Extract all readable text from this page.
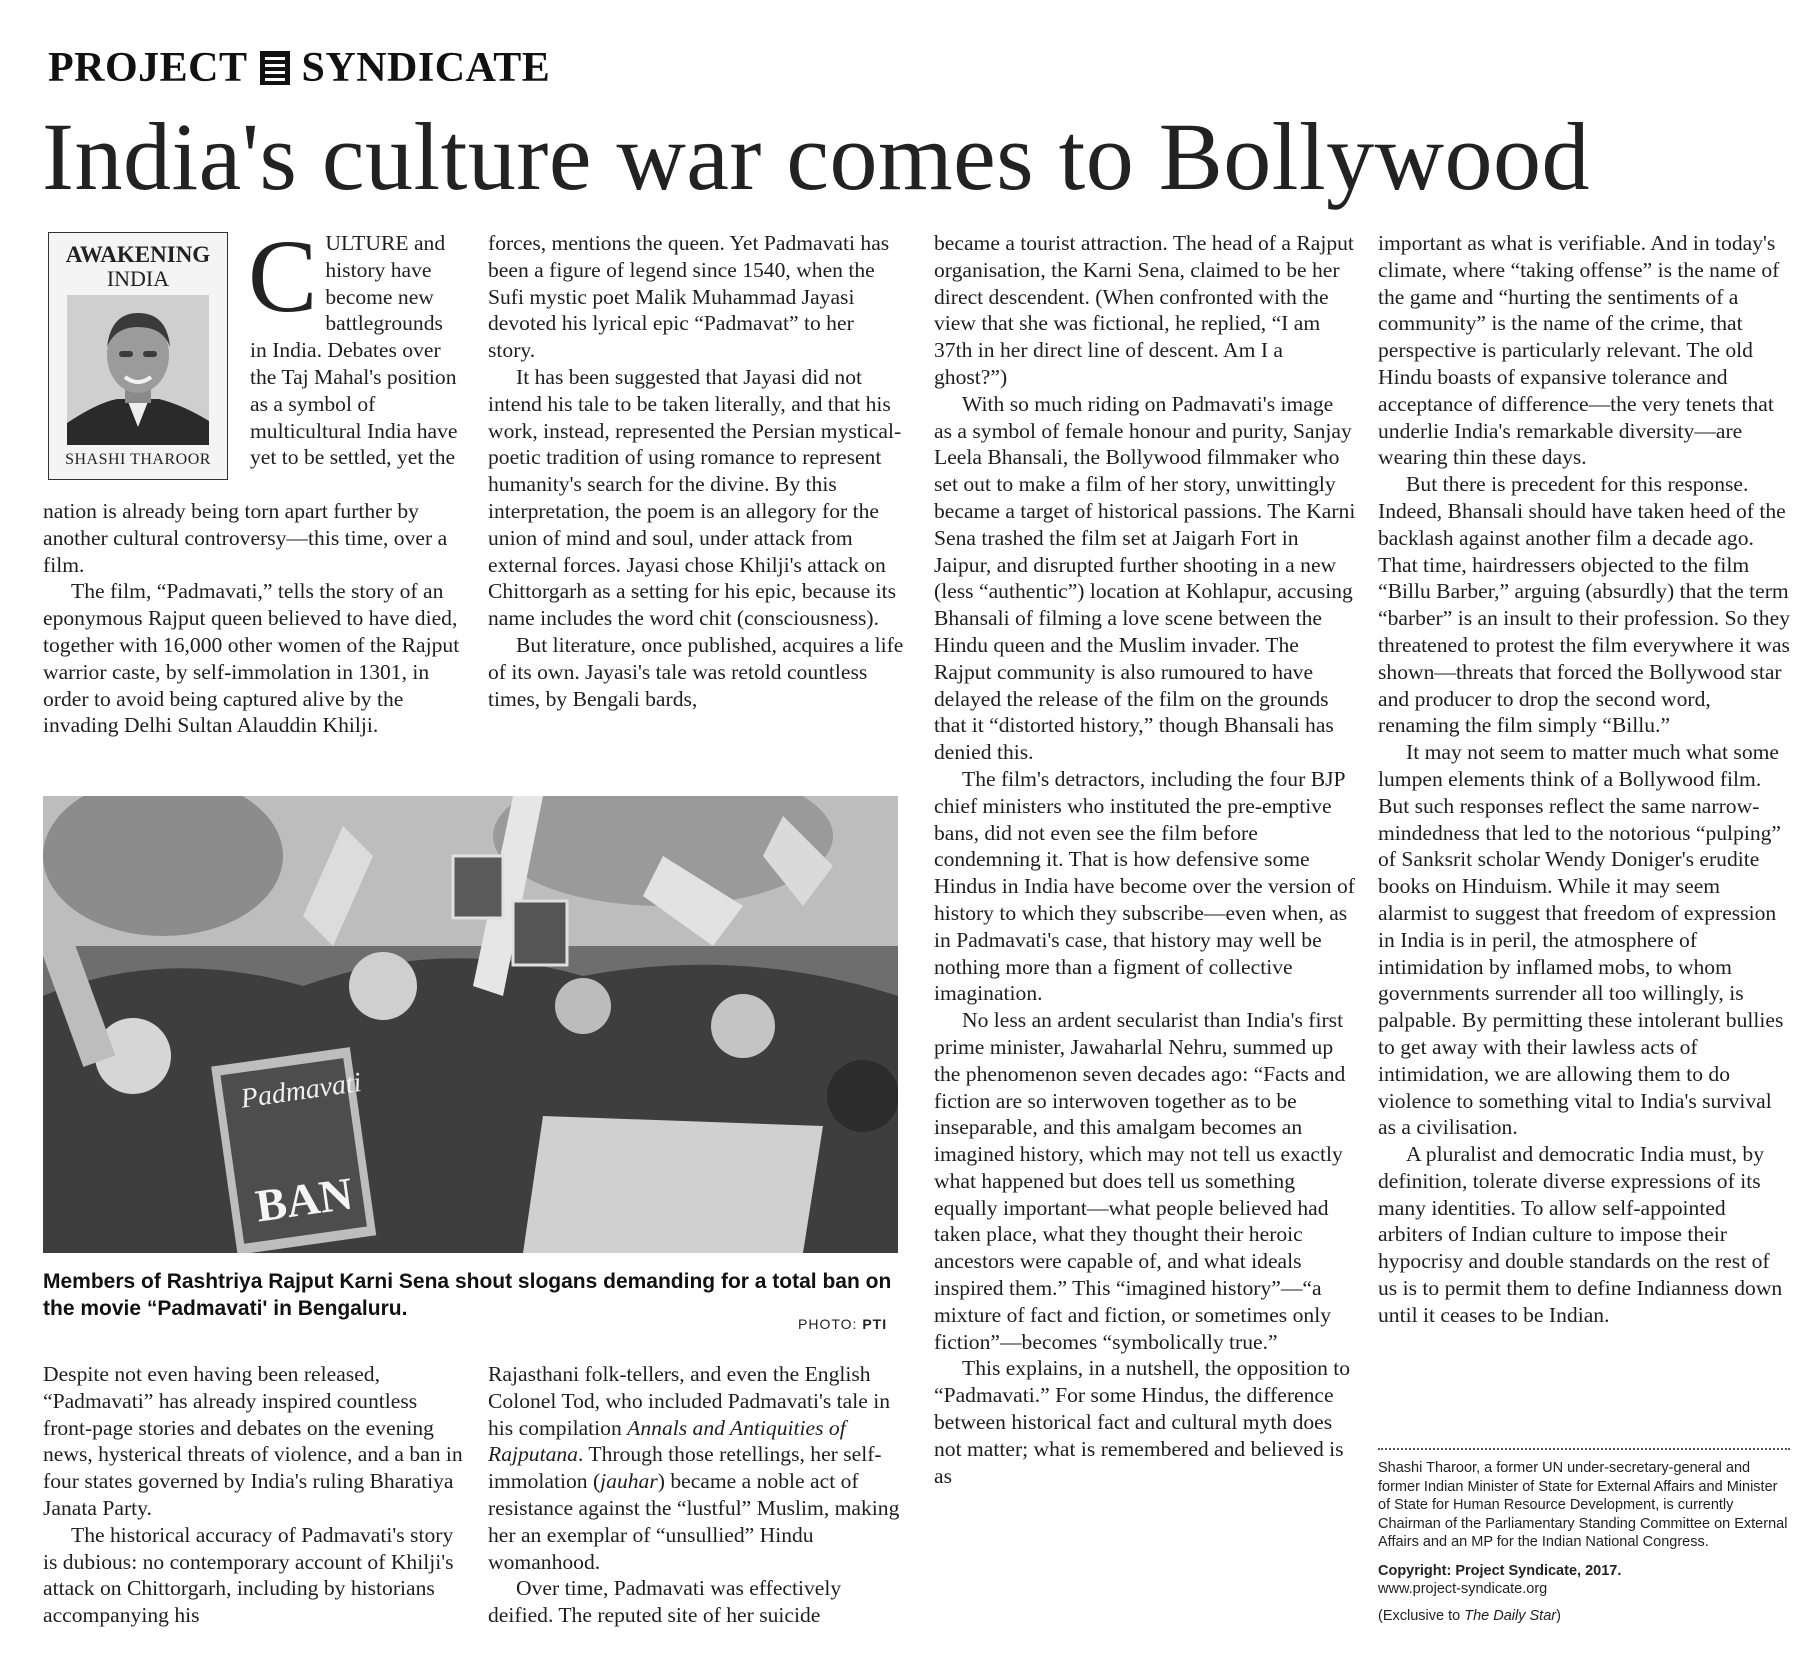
PROJECT SYNDICATE
India's culture war comes to Bollywood
AWAKENING
INDIA
SHASHI THAROOR

CULTURE and history have become new battlegrounds in India. Debates over the Taj Mahal's position as a symbol of multicultural India have yet to be settled, yet the

nation is already being torn apart further by another cultural controversy—this time, over a film.

The film, “Padmavati,” tells the story of an eponymous Rajput queen believed to have died, together with 16,000 other women of the Rajput warrior caste, by self-immolation in 1301, in order to avoid being captured alive by the invading Delhi Sultan Alauddin Khilji.

forces, mentions the queen. Yet Padmavati has been a figure of legend since 1540, when the Sufi mystic poet Malik Muhammad Jayasi devoted his lyrical epic “Padmavat” to her story.

It has been suggested that Jayasi did not intend his tale to be taken literally, and that his work, instead, represented the Persian mystical-poetic tradition of using romance to represent humanity's search for the divine. By this interpretation, the poem is an allegory for the union of mind and soul, under attack from external forces. Jayasi chose Khilji's attack on Chittorgarh as a setting for his epic, because its name includes the word chit (consciousness).

But literature, once published, acquires a life of its own. Jayasi's tale was retold countless times, by Bengali bards,

Padmavati
BAN
Members of Rashtriya Rajput Karni Sena shout slogans demanding for a total ban on the movie “Padmavati' in Bengaluru.
PHOTO: PTI

Despite not even having been released, “Padmavati” has already inspired countless front-page stories and debates on the evening news, hysterical threats of violence, and a ban in four states governed by India's ruling Bharatiya Janata Party.

The historical accuracy of Padmavati's story is dubious: no contemporary account of Khilji's attack on Chittorgarh, including by historians accompanying his

Rajasthani folk-tellers, and even the English Colonel Tod, who included Padmavati's tale in his compilation Annals and Antiquities of Rajputana. Through those retellings, her self-immolation (jauhar) became a noble act of resistance against the “lustful” Muslim, making her an exemplar of “unsullied” Hindu womanhood.

Over time, Padmavati was effectively deified. The reputed site of her suicide

became a tourist attraction. The head of a Rajput organisation, the Karni Sena, claimed to be her direct descendent. (When confronted with the view that she was fictional, he replied, “I am 37th in her direct line of descent. Am I a ghost?”)

With so much riding on Padmavati's image as a symbol of female honour and purity, Sanjay Leela Bhansali, the Bollywood filmmaker who set out to make a film of her story, unwittingly became a target of historical passions. The Karni Sena trashed the film set at Jaigarh Fort in Jaipur, and disrupted further shooting in a new (less “authentic”) location at Kohlapur, accusing Bhansali of filming a love scene between the Hindu queen and the Muslim invader. The Rajput community is also rumoured to have delayed the release of the film on the grounds that it “distorted history,” though Bhansali has denied this.

The film's detractors, including the four BJP chief ministers who instituted the pre-emptive bans, did not even see the film before condemning it. That is how defensive some Hindus in India have become over the version of history to which they subscribe—even when, as in Padmavati's case, that history may well be nothing more than a figment of collective imagination.

No less an ardent secularist than India's first prime minister, Jawaharlal Nehru, summed up the phenomenon seven decades ago: “Facts and fiction are so interwoven together as to be inseparable, and this amalgam becomes an imagined history, which may not tell us exactly what happened but does tell us something equally important—what people believed had taken place, what they thought their heroic ancestors were capable of, and what ideals inspired them.” This “imagined history”—“a mixture of fact and fiction, or sometimes only fiction”—becomes “symbolically true.”

This explains, in a nutshell, the opposition to “Padmavati.” For some Hindus, the difference between historical fact and cultural myth does not matter; what is remembered and believed is as

important as what is verifiable. And in today's climate, where “taking offense” is the name of the game and “hurting the sentiments of a community” is the name of the crime, that perspective is particularly relevant. The old Hindu boasts of expansive tolerance and acceptance of difference—the very tenets that underlie India's remarkable diversity—are wearing thin these days.

But there is precedent for this response. Indeed, Bhansali should have taken heed of the backlash against another film a decade ago. That time, hairdressers objected to the film “Billu Barber,” arguing (absurdly) that the term “barber” is an insult to their profession. So they threatened to protest the film everywhere it was shown—threats that forced the Bollywood star and producer to drop the second word, renaming the film simply “Billu.”

It may not seem to matter much what some lumpen elements think of a Bollywood film. But such responses reflect the same narrow-mindedness that led to the notorious “pulping” of Sanksrit scholar Wendy Doniger's erudite books on Hinduism. While it may seem alarmist to suggest that freedom of expression in India is in peril, the atmosphere of intimidation by inflamed mobs, to whom governments surrender all too willingly, is palpable. By permitting these intolerant bullies to get away with their lawless acts of intimidation, we are allowing them to do violence to something vital to India's survival as a civilisation.

A pluralist and democratic India must, by definition, tolerate diverse expressions of its many identities. To allow self-appointed arbiters of Indian culture to impose their hypocrisy and double standards on the rest of us is to permit them to define Indianness down until it ceases to be Indian.

Shashi Tharoor, a former UN under-secretary-general and former Indian Minister of State for External Affairs and Minister of State for Human Resource Development, is currently Chairman of the Parliamentary Standing Committee on External Affairs and an MP for the Indian National Congress.

Copyright: Project Syndicate, 2017.

www.project-syndicate.org

(Exclusive to The Daily Star)
